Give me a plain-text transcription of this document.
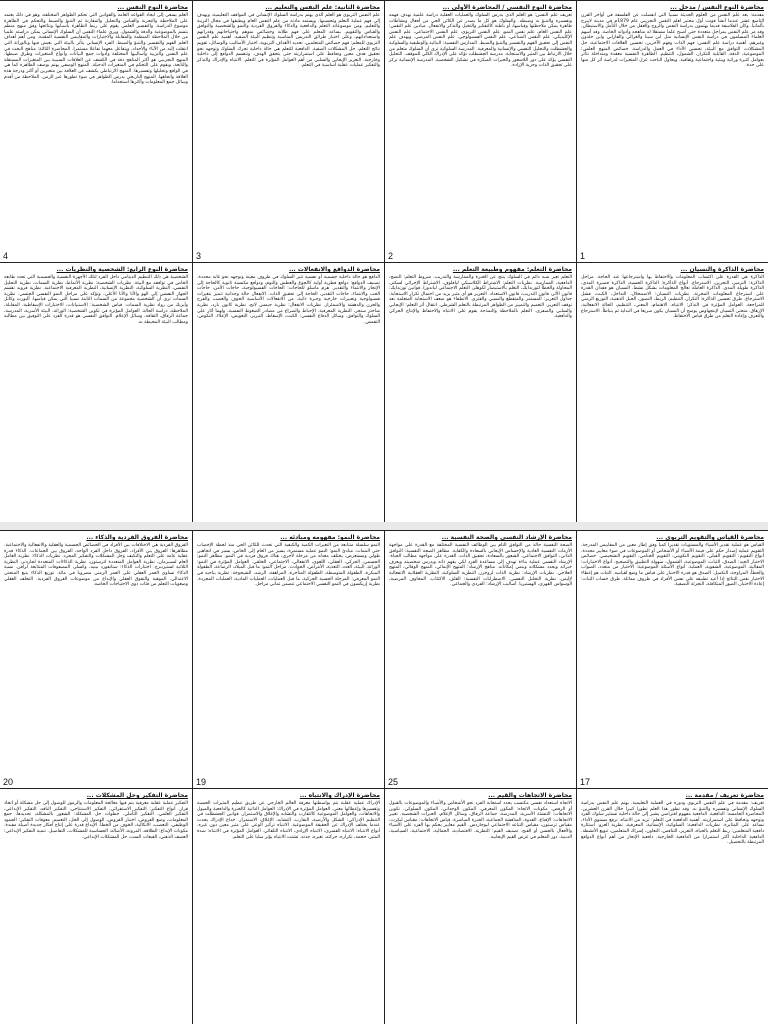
محاضرة النوع النفس ...
العلم يسعى إلى ايجاد القواعد العامة والقوانين التي تحكم الظواهر المختلفة، وهو في ذلك يعتمد على الملاحظة والتجربة والقياس والتحليل والمقارنة ثم التنبؤ والضبط والتحكم في الظاهرة موضوع الدراسة. والتفسير العلمي يقوم على ربط الظاهرة بأسبابها ونتائجها وفق منهج منظم يتسم بالموضوعية والدقة والشمول. ويرى علماء النفس أن السلوك الإنساني يمكن دراسته علميا من خلال الملاحظة المنظمة والمقابلة والاختبارات والمقاييس النفسية المقننة. ومن أهم أهداف العلم الفهم والتفسير والتنبؤ والضبط. الفرد الإنساني يتأثر بالبيئة التي يعيش فيها وبالوراثة التي انتقلت إليه من الآباء والأجداد، ويتفاعل معهما تفاعلا مستمرا. المحاضرة الثالثة: مناهج البحث في علم النفس والتربية وأساليبها المختلفة وأدوات جمع البيانات وأنواع المتغيرات وطرق ضبطها. المنهج التجريبي هو أكثر المناهج دقة في الكشف عن العلاقات السببية بين المتغيرات المستقلة والتابعة، ويقوم على التحكم في المتغيرات الدخيلة. المنهج الوصفي يهتم بوصف الظاهرة كما هي في الواقع وتحليلها وتفسيرها. المنهج الارتباطي يكشف عن العلاقة بين متغيرين أو أكثر ودرجة هذه العلاقة واتجاهها. المنهج التاريخي يدرس الظواهر في ضوء تطورها عبر الزمن. الملاحظة من أقدم وسائل جمع المعلومات وأكثرها استخداما.
4
محاضرة الثانية: علم النفس والتعليم ...
علم النفس التربوي هو العلم الذي يهتم بدراسة السلوك الإنساني في المواقف التعليمية، ويهدف إلى فهم عملية التعلم وتحسينها. ويستمد مادته من علم النفس العام ويطبقها في مجال التربية والتعليم. ومن موضوعاته التعلم والدافعية والذكاء والفروق الفردية والنمو والشخصية والتوافق والقياس والتقويم. يساعد المعلم على فهم طلابه وخصائص نموهم واحتياجاتهم وقدراتهم واستعداداتهم، وعلى اختيار طرائق التدريس المناسبة وتنظيم البيئة الصفية. أهمية علم النفس التربوي للمعلم: فهم خصائص المتعلمين، تحديد الأهداف التربوية، اختيار الأساليب والوسائل، تقويم نتائج التعلم، حل المشكلات الصفية. الدافعية للتعلم هي حالة داخلية تحرك السلوك وتوجهه نحو تحقيق هدف معين وتحافظ على استمراريته حتى يتحقق الهدف. وتنقسم الدوافع إلى داخلية وخارجية. التعزيز الإيجابي والسلبي من أهم العوامل المؤثرة في التعلم. الانتباه والإدراك والتذكر والتفكير عمليات عقلية أساسية في التعلم.
3
محاضرة النوع النفسي / المحاضرة الأولى ...
تعريف علم النفس: هو العلم الذي يدرس السلوك والعمليات العقلية دراسة علمية بهدف فهمه وتفسيره والتنبؤ به وضبطه. والسلوك هو كل ما يصدر عن الكائن الحي من أفعال ونشاطات ظاهرة يمكن ملاحظتها وقياسها، أو باطنة كالتفكير والتخيل والتذكر والانفعال. ميادين علم النفس: علم النفس العام، علم نفس النمو، علم النفس التربوي، علم النفس الاجتماعي، علم النفس الإكلينيكي، علم النفس الصناعي، علم النفس الفسيولوجي، علم النفس المرضي. ويهدف علم النفس إلى تحقيق الفهم والتفسير والتنبؤ والضبط. المدارس النفسية: البنائية والوظيفية والسلوكية والجشطلت والتحليل النفسي والإنسانية والمعرفية. المدرسة السلوكية ترى أن السلوك متعلم من خلال الارتباط بين المثير والاستجابة. مدرسة الجشطلت تؤكد على الإدراك الكلي للموقف. التحليل النفسي يؤكد على دور اللاشعور والخبرات المبكرة في تشكيل الشخصية. المدرسة الإنسانية تركز على تحقيق الذات وحرية الإرادة.
2
محاضرة النوع النفس / مدخل ...
مقدمة: يعد علم النفس من العلوم الحديثة نسبيا التي انفصلت عن الفلسفة في أواخر القرن التاسع عشر عندما أنشأ فونت أول مختبر لعلم النفس التجريبي عام 1879م في مدينة لايبزج بألمانيا. وكان الفلاسفة قديما يهتمون بدراسة النفس والروح والعقل من خلال التأمل والاستبطان. وقد مر علم النفس بمراحل متعددة حتى أصبح علما مستقلا له مناهجه وأدواته الخاصة. وقد أسهم العلماء المسلمون في دراسة النفس الإنسانية مثل ابن سينا والغزالي والفارابي وابن خلدون وغيرهم. أهمية دراسة علم النفس: فهم الذات وفهم الآخرين، تحسين العلاقات الاجتماعية، حل المشكلات، التوافق مع البيئة، تحسين الأداء في العمل والدراسة. خصائص المنهج العلمي: الموضوعية، الدقة، القابلية للتكرار، الشمول، التنظيم. الظاهرة النفسية معقدة ومتداخلة تتأثر بعوامل كثيرة وراثية وبيئية واجتماعية وثقافية. ويحاول الباحث عزل المتغيرات لدراسة أثر كل منها على حدة.
1
محاضرة النوع الرابع: الشخصية والنظريات ...
الشخصية هي ذلك التنظيم الدينامي داخل الفرد لتلك الأجهزة النفسية والجسمية التي تحدد طابعه الخاص في توافقه مع البيئة. نظريات الشخصية: نظرية الأنماط، نظرية السمات، نظرية التحليل النفسي، النظرية السلوكية، النظرية الإنسانية، النظرية المعرفية الاجتماعية. نظرية فرويد تقسم الجهاز النفسي إلى الهو والأنا والأنا الأعلى، وتؤكد على مراحل النمو النفسي الجنسي. نظرية السمات ترى أن الشخصية مجموعة من السمات الثابتة نسبيا التي يمكن قياسها. ألبورت وكاتل وأيزنك من رواد نظرية السمات. قياس الشخصية: الاستبيانات، الاختبارات الإسقاطية، المقابلة، الملاحظة، دراسة الحالة. العوامل المؤثرة في تكوين الشخصية: الوراثة، البيئة الأسرية، المدرسة، جماعة الرفاق، الثقافة، وسائل الإعلام. التوافق النفسي هو قدرة الفرد على التوفيق بين مطالبه ومطالب البيئة المحيطة به.
محاضرة الدوافع والانفعالات ...
الدافع هو حالة داخلية جسمية أو نفسية تثير السلوك في ظروف معينة وتوجهه نحو غاية محددة. تصنيف الدوافع: دوافع فطرية أولية كالجوع والعطش والنوم، ودوافع مكتسبة ثانوية كالحاجة إلى الإنجاز والانتماء والتقدير. هرم ماسلو للحاجات: الحاجات الفسيولوجية، حاجات الأمن، حاجات الحب والانتماء، حاجات التقدير، الحاجة إلى تحقيق الذات. الانفعال حالة وجدانية تتميز بتغيرات فسيولوجية وتعبيرات خارجية وخبرة ذاتية. من الانفعالات الأساسية الخوف والغضب والفرح والحزن والدهشة والاشمئزاز. نظريات الانفعال: نظرية جيمس لانج، نظرية كانون بارد، نظرية شاختر سنجر، النظرية المعرفية. الإحباط والصراع من مصادر الضغوط النفسية، ولهما آثار على السلوك والتوافق. وسائل الدفاع النفسي: الكبت، الإسقاط، التبرير، التعويض، الإعلاء، النكوص، التقمص.
محاضرة التعلم: مفهوم وطبيعة التعلم ...
التعلم تغير شبه دائم في السلوك ينتج عن الخبرة والممارسة والتدريب. شروط التعلم: النضج، الدافعية، الممارسة. نظريات التعلم: الاشتراط الكلاسيكي لبافلوف، الاشتراط الإجرائي لسكنر، المحاولة والخطأ لثورندايك، التعلم بالاستبصار لكوهلر، التعلم الاجتماعي لباندورا. قوانين ثورندايك: قانون الأثر، قانون التدريب، قانون الاستعداد. التعزيز هو أي مثير يزيد من احتمال تكرار الاستجابة. جداول التعزيز: المستمر والمتقطع والنسبي والفتري. الانطفاء هو ضعف الاستجابة المتعلمة بعد توقف التعزيز. التعميم والتمييز من الظواهر المرتبطة بالتعلم الشرطي. انتقال أثر التعلم: الإيجابي والسلبي والصفري. التعلم بالملاحظة والنمذجة يقوم على الانتباه والاحتفاظ والإنتاج الحركي والدافعية.
محاضرة الذاكرة والنسيان ...
الذاكرة هي القدرة على اكتساب المعلومات والاحتفاظ بها واسترجاعها عند الحاجة. مراحل الذاكرة: الترميز، التخزين، الاسترجاع. أنواع الذاكرة: الذاكرة الحسية، الذاكرة قصيرة المدى، الذاكرة طويلة المدى. الذاكرة العاملة تعالج المعلومات بشكل نشط. النسيان هو فقدان القدرة على استرجاع المعلومات المخزنة. نظريات النسيان: الاضمحلال، التداخل، الكبت، فشل الاسترجاع. طرق تحسين الذاكرة: التكرار، التنظيم، الربط، التصور، الحيل الذهنية، التوزيع الزمني للمراجعة. العوامل المؤثرة في التذكر: الانتباه، الاهتمام، المعنى، التنظيم، الحالة الانفعالية، الإرهاق. منحنى النسيان لإبنجهاوس يوضح أن النسيان يكون سريعا في البداية ثم يتباطأ. الاسترجاع والتعرف وإعادة التعلم من طرق قياس الاحتفاظ.
محاضرة الفروق الفردية والذكاء ...
الفروق الفردية هي الاختلافات بين الأفراد في الخصائص الجسمية والعقلية والانفعالية والاجتماعية. مظاهرها: الفروق بين الأفراد، الفروق داخل الفرد الواحد، الفروق بين الجماعات. الذكاء قدرة عقلية عامة على التعلم والتكيف وحل المشكلات والتفكير المجرد. نظريات الذكاء: نظرية العامل العام لسبيرمان، نظرية العوامل المتعددة لثرستون، نظرية الذكاءات المتعددة لجاردنر، النظرية الثلاثية لستيرنبرج. اختبارات الذكاء: ستانفورد بينيه، وكسلر، المصفوفات المتتابعة لرافن. نسبة الذكاء تساوي العمر العقلي على العمر الزمني مضروبا في مائة. توزيع الذكاء يتبع المنحنى الاعتدالي. الموهبة والتفوق العقلي والإبداع من موضوعات الفروق الفردية. التخلف العقلي وصعوبات التعلم من فئات ذوي الاحتياجات الخاصة.
20
محاضرة النمو: مفهومه ومبادئه ...
النمو سلسلة متتابعة من التغيرات الكمية والكيفية التي تحدث للكائن الحي منذ لحظة الإخصاب حتى الممات. مبادئ النمو: النمو عملية مستمرة، يسير من العام إلى الخاص، يسير في اتجاهين طولي ومستعرض، يختلف معدله من مرحلة لأخرى، هناك فروق فردية في النمو. مظاهر النمو: الجسمي، الحركي، العقلي، اللغوي، الانفعالي، الاجتماعي، الخلقي. العوامل المؤثرة في النمو: الوراثة، البيئة، الغدد، التغذية، الأمراض، الحوادث. مراحل النمو: ما قبل الميلاد، الرضاعة، الطفولة المبكرة، الطفولة المتوسطة، الطفولة المتأخرة، المراهقة، الرشد، الشيخوخة. نظرية بياجيه في النمو المعرفي: المرحلة الحسية الحركية، ما قبل العمليات، العمليات المادية، العمليات المجردة. نظرية إريكسون في النمو النفسي الاجتماعي تتضمن ثماني مراحل.
19
محاضرة الإرشاد النفسي والصحة النفسية ...
الصحة النفسية حالة من التوافق التام بين الوظائف النفسية المختلفة مع القدرة على مواجهة الأزمات النفسية العادية والإحساس الإيجابي بالسعادة والكفاية. مظاهر الصحة النفسية: التوافق الذاتي، التوافق الاجتماعي، الشعور بالسعادة، تحقيق الذات، القدرة على مواجهة مطالب الحياة. الإرشاد النفسي عملية بناءة تهدف إلى مساعدة الفرد لكي يفهم ذاته ويدرس شخصيته ويعرف خبراته ويحدد مشكلاته وينمي إمكاناته. مناهج الإرشاد: المنهج الإنمائي، المنهج الوقائي، المنهج العلاجي. نظريات الإرشاد: نظرية الذات لروجرز، النظرية السلوكية، النظرية العقلانية الانفعالية لإليس، نظرية التحليل النفسي. الاضطرابات النفسية: القلق، الاكتئاب، المخاوف المرضية، الوسواس القهري، الهستيريا. أساليب الإرشاد: الفردي والجماعي.
25
محاضرة القياس والتقويم التربوي ...
القياس هو عملية تقدير الأشياء والمستويات تقديرا كميا وفق إطار معين من المقاييس المدرجة. التقويم عملية إصدار حكم على قيمة الأشياء أو الأشخاص أو الموضوعات في ضوء معايير محددة. أنواع التقويم: التقويم القبلي، التقويم التكويني، التقويم الختامي، التقويم التشخيصي. خصائص الاختبار الجيد: الصدق، الثبات، الموضوعية، الشمول، سهولة التطبيق والتصحيح. أنواع الاختبارات: المقالية، الموضوعية، الشفوية، العملية. أنواع الأسئلة الموضوعية: الاختيار من متعدد، الصواب والخطأ، المزاوجة، التكميل. الصدق هو قدرة الاختبار على قياس ما وضع لقياسه. الثبات هو إعطاء الاختبار نفس النتائج إذا أعيد تطبيقه على نفس الأفراد في ظروف مماثلة. طرق حساب الثبات: إعادة الاختبار، الصور المتكافئة، التجزئة النصفية.
17
محاضرة التفكير وحل المشكلات ...
التفكير عملية عقلية معرفية يتم فيها معالجة المعلومات والرموز للوصول إلى حل مشكلة أو اتخاذ قرار. أنواع التفكير: التفكير الاستقرائي، التفكير الاستنتاجي، التفكير الناقد، التفكير الإبداعي، التفكير العلمي، التفكير التأملي. خطوات حل المشكلة: الشعور بالمشكلة، تحديدها، جمع المعلومات، وضع الفروض، اختبار الفروض، الوصول إلى الحل، التعميم. معوقات التفكير: الجمود الوظيفي، التعصب، الاتكالية، الخوف من الخطأ. الإبداع قدرة على إنتاج أفكار جديدة أصيلة مفيدة. مكونات الإبداع: الطلاقة، المرونة، الأصالة، الحساسية للمشكلات، التفاصيل. تنمية التفكير الإبداعي: العصف الذهني، القبعات الست، حل المشكلات الإبداعي.
محاضرة الإدراك والانتباه ...
الإدراك عملية عقلية يتم بواسطتها معرفة العالم الخارجي عن طريق تنظيم المثيرات الحسية وتفسيرها وإعطائها معنى. العوامل المؤثرة في الإدراك: العوامل الذاتية كالخبرة والدافعية والميول والاتجاهات، والعوامل الموضوعية كالتقارب والتشابه والإغلاق والاستمرار. قوانين الجشطلت في التنظيم الإدراكي: الشكل والأرضية، التقارب، التشابه، الإغلاق، الاستمرار. خداع الإدراك يحدث عندما يختلف الإدراك عن الحقيقة الموضوعية. الانتباه تركيز الوعي على مثير معين دون غيره. أنواع الانتباه: الانتباه القسري، الانتباه الإرادي، الانتباه التلقائي. العوامل المؤثرة في الانتباه: شدة المثير، حجمه، تكراره، حركته، تغيره، جدته. تشتت الانتباه يؤثر سلبا على التعلم.
محاضرة الاتجاهات والقيم ...
الاتجاه استعداد نفسي مكتسب يحدد استجابة الفرد نحو الأشخاص والأشياء والموضوعات بالقبول أو الرفض. مكونات الاتجاه: المكون المعرفي، المكون الوجداني، المكون السلوكي. تكوين الاتجاهات: التنشئة الأسرية، المدرسة، جماعة الرفاق، وسائل الإعلام، الخبرات الشخصية. تغيير الاتجاهات: الإقناع، القدوة، المناقشة الجماعية، الخبرة المباشرة. قياس الاتجاهات: مقياس ليكرت، مقياس ثرستون، مقياس التباعد الاجتماعي لبوجاردس. القيم معايير يحكم بها الفرد على الأشياء والأفعال بالحسن أو القبح. تصنيف القيم: النظرية، الاقتصادية، الجمالية، الاجتماعية، السياسية، الدينية. دور المعلم في غرس القيم الإيجابية.
محاضرة تعريف / مقدمة ...
تعريف: مقدمة في علم النفس التربوي ودوره في العملية التعليمية. يهتم علم النفس بدراسة السلوك الإنساني وتفسيره والتنبؤ به. وقد تطور هذا العلم تطورا كبيرا خلال القرن العشرين. المحاضرة الخامسة: الدافعية. الدافعية مفهوم افتراضي يشير إلى حالة داخلية تستثير سلوك الفرد وتوجهه وتحافظ على استمراريته. أهمية الدافعية في التعلم: تزيد من الانتباه، ترفع مستوى الأداء، تساعد على المثابرة. نظريات الدافعية: السلوكية، الإنسانية، المعرفية، نظرية العزو. استثارة دافعية المتعلمين: ربط التعلم بالحياة، التعزيز، التنافس، التعاون، إشراك المتعلمين، تنويع الأنشطة. الدافعية الداخلية أكثر استمرارا من الدافعية الخارجية. دافعية الإنجاز من أهم أنواع الدوافع المرتبطة بالتحصيل.
